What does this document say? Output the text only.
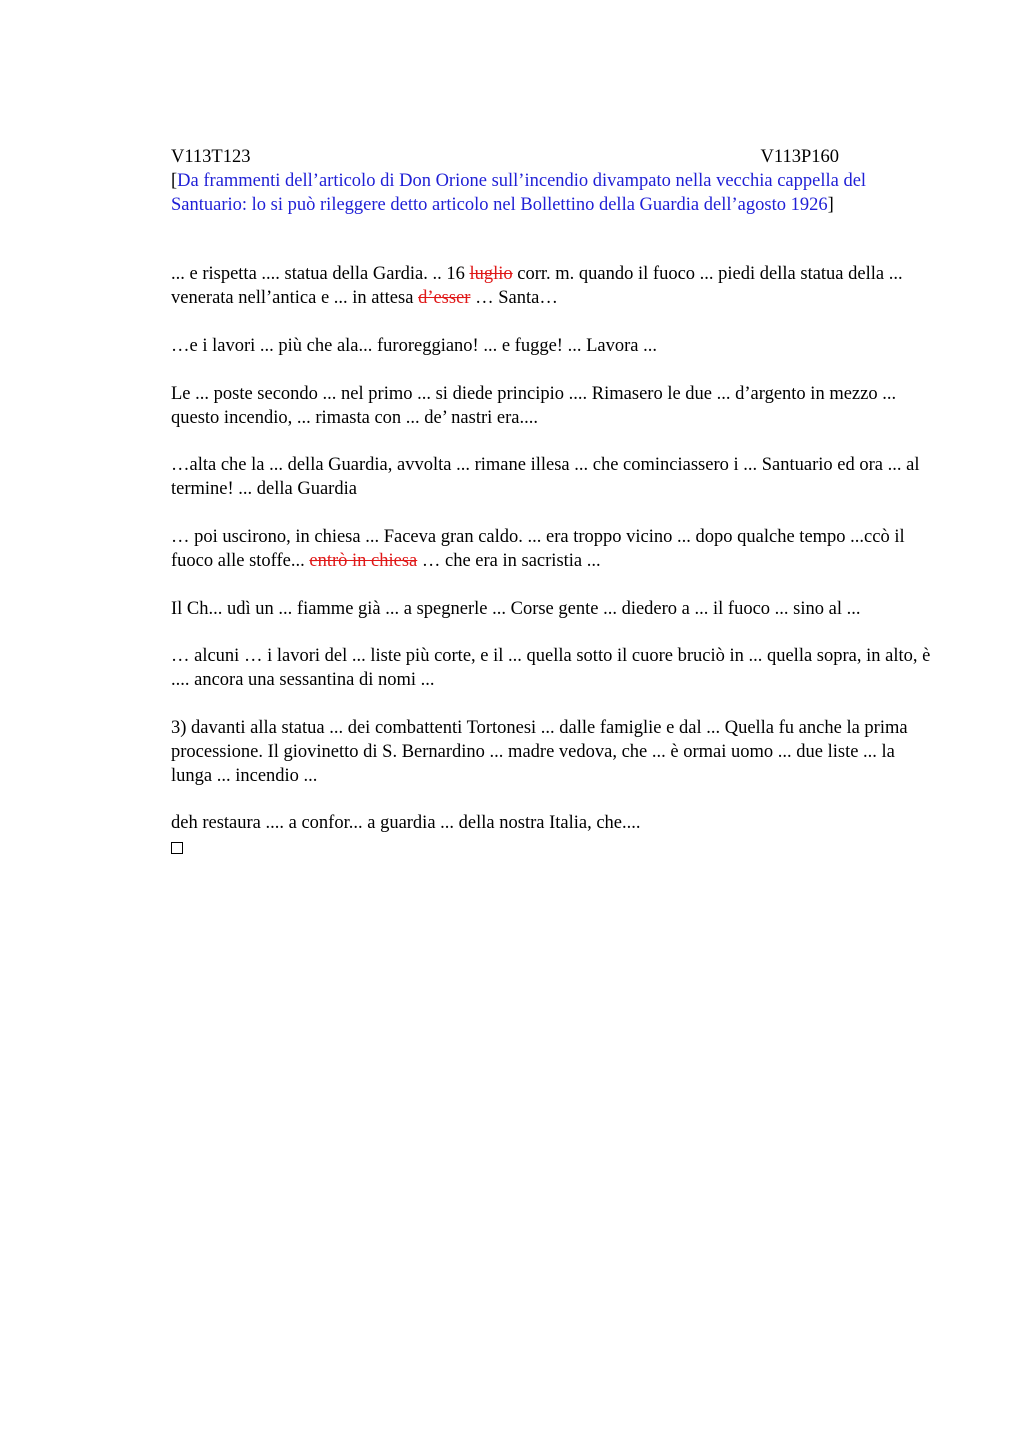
V113T123	V113P160

[Da frammenti dell’articolo di Don Orione sull’incendio divampato nella vecchia cappella del Santuario: lo si può rileggere detto articolo nel Bollettino della Guardia dell’agosto 1926]

... e rispetta .... statua della Gardia. .. 16 luglio corr. m. quando il fuoco ... piedi della statua della ... venerata nell’antica e ... in attesa d’esser … Santa…

…e i lavori ... più che ala... furoreggiano! ... e fugge! ... Lavora ...

Le ... poste secondo ... nel primo ... si diede principio .... Rimasero le due ... d’argento in mezzo ... questo incendio, ... rimasta con ... de’ nastri era....

…alta che la ... della Guardia, avvolta ... rimane illesa ... che cominciassero i ... Santuario ed ora ... al termine! ... della Guardia

… poi uscirono, in chiesa ... Faceva gran caldo. ... era troppo vicino ... dopo qualche tempo ...ccò il fuoco alle stoffe... entrò in chiesa … che era in sacristia ...

Il Ch... udì un ... fiamme già ... a spegnerle ... Corse gente ... diedero a ... il fuoco ... sino al ...

… alcuni … i lavori del ... liste più corte, e il ... quella sotto il cuore bruciò in ... quella sopra, in alto, è .... ancora una sessantina di nomi ...

3) davanti alla statua ... dei combattenti Tortonesi ... dalle famiglie e dal ... Quella fu anche la prima processione. Il giovinetto di S. Bernardino ... madre vedova, che ... è ormai uomo ... due liste ... la lunga ... incendio ...

deh restaura .... a confor... a guardia ... della nostra Italia, che....
